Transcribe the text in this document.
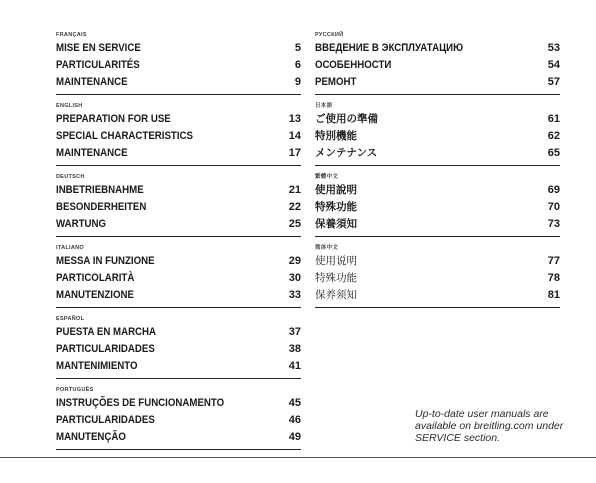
FRANÇAIS
MISE EN SERVICE	5
PARTICULARITÉS	6
MAINTENANCE	9
ENGLISH
PREPARATION FOR USE	13
SPECIAL CHARACTERISTICS	14
MAINTENANCE	17
DEUTSCH
INBETRIEBNAHME	21
BESONDERHEITEN	22
WARTUNG	25
ITALIANO
MESSA IN FUNZIONE	29
PARTICOLARITÀ	30
MANUTENZIONE	33
ESPAÑOL
PUESTA EN MARCHA	37
PARTICULARIDADES	38
MANTENIMIENTO	41
PORTUGUÊS
INSTRUÇÕES DE FUNCIONAMENTO	45
PARTICULARIDADES	46
MANUTENÇÃO	49
РУССКИЙ
ВВЕДЕНИЕ В ЭКСПЛУАТАЦИЮ	53
ОСОБЕННОСТИ	54
РЕМОНТ	57
日本語
ご使用の準備	61
特別機能	62
メンテナンス	65
繁體中文
使用說明	69
特殊功能	70
保養須知	73
简体中文
使用说明	77
特殊功能	78
保养须知	81
Up-to-date user manuals are available on breitling.com under SERVICE section.
